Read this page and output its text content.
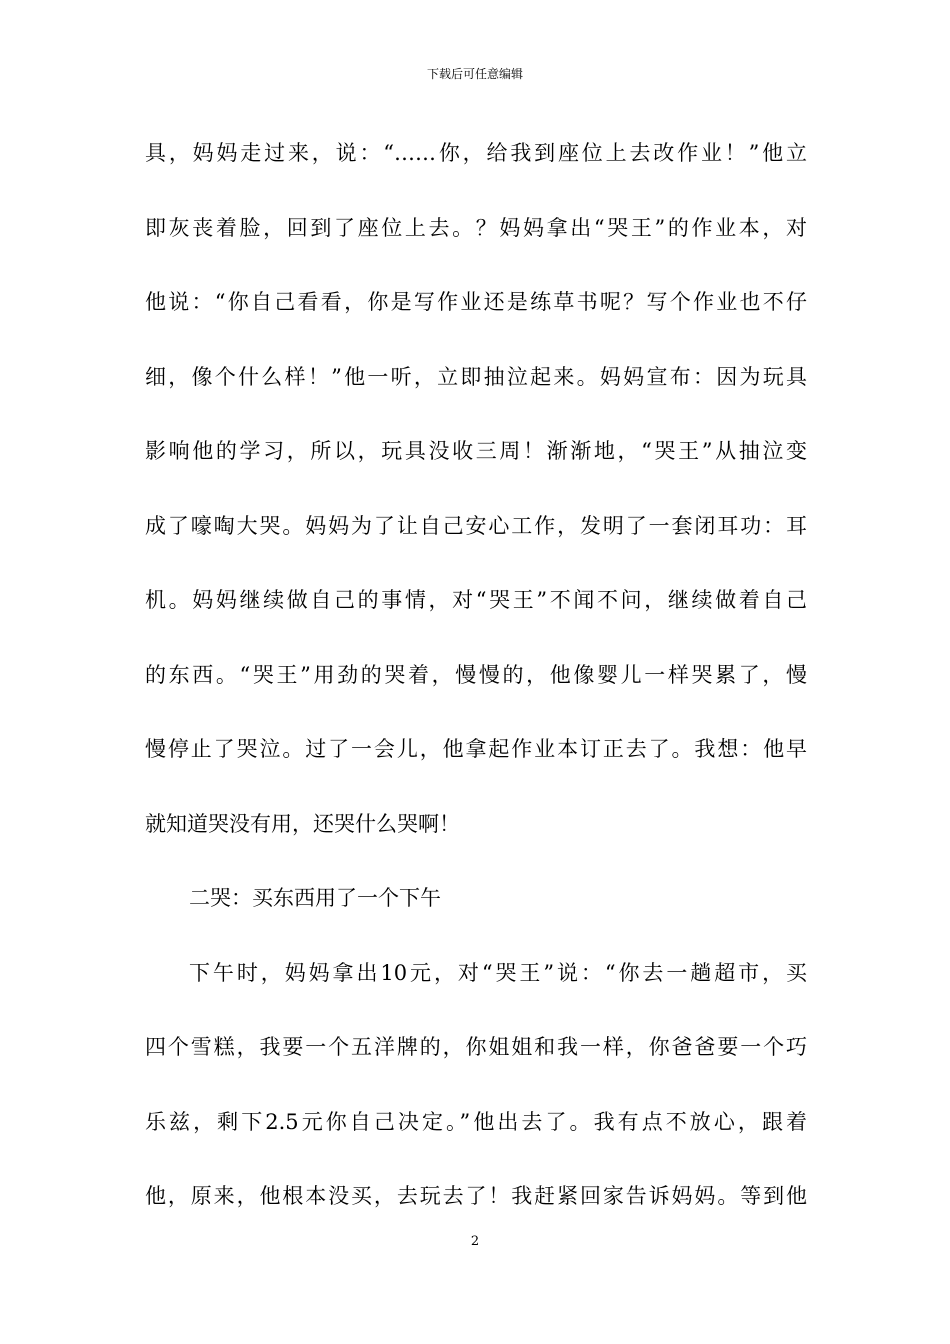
下载后可任意编辑
具，妈妈走过来，说：“……你，给我到座位上去改作业！”他立
即灰丧着脸，回到了座位上去。？妈妈拿出“哭王”的作业本，对
他说：“你自己看看，你是写作业还是练草书呢？写个作业也不仔
细，像个什么样！”他一听，立即抽泣起来。妈妈宣布：因为玩具
影响他的学习，所以，玩具没收三周！渐渐地，“哭王”从抽泣变
成了嚎啕大哭。妈妈为了让自己安心工作，发明了一套闭耳功：耳
机。妈妈继续做自己的事情，对“哭王”不闻不问，继续做着自己
的东西。“哭王”用劲的哭着，慢慢的，他像婴儿一样哭累了，慢
慢停止了哭泣。过了一会儿，他拿起作业本订正去了。我想：他早
就知道哭没有用，还哭什么哭啊！
二哭：买东西用了一个下午
下午时，妈妈拿出10元，对“哭王”说：“你去一趟超市，买
四个雪糕，我要一个五洋牌的，你姐姐和我一样，你爸爸要一个巧
乐兹，剩下2.5元你自己决定。”他出去了。我有点不放心，跟着
他，原来，他根本没买，去玩去了！我赶紧回家告诉妈妈。等到他
2
